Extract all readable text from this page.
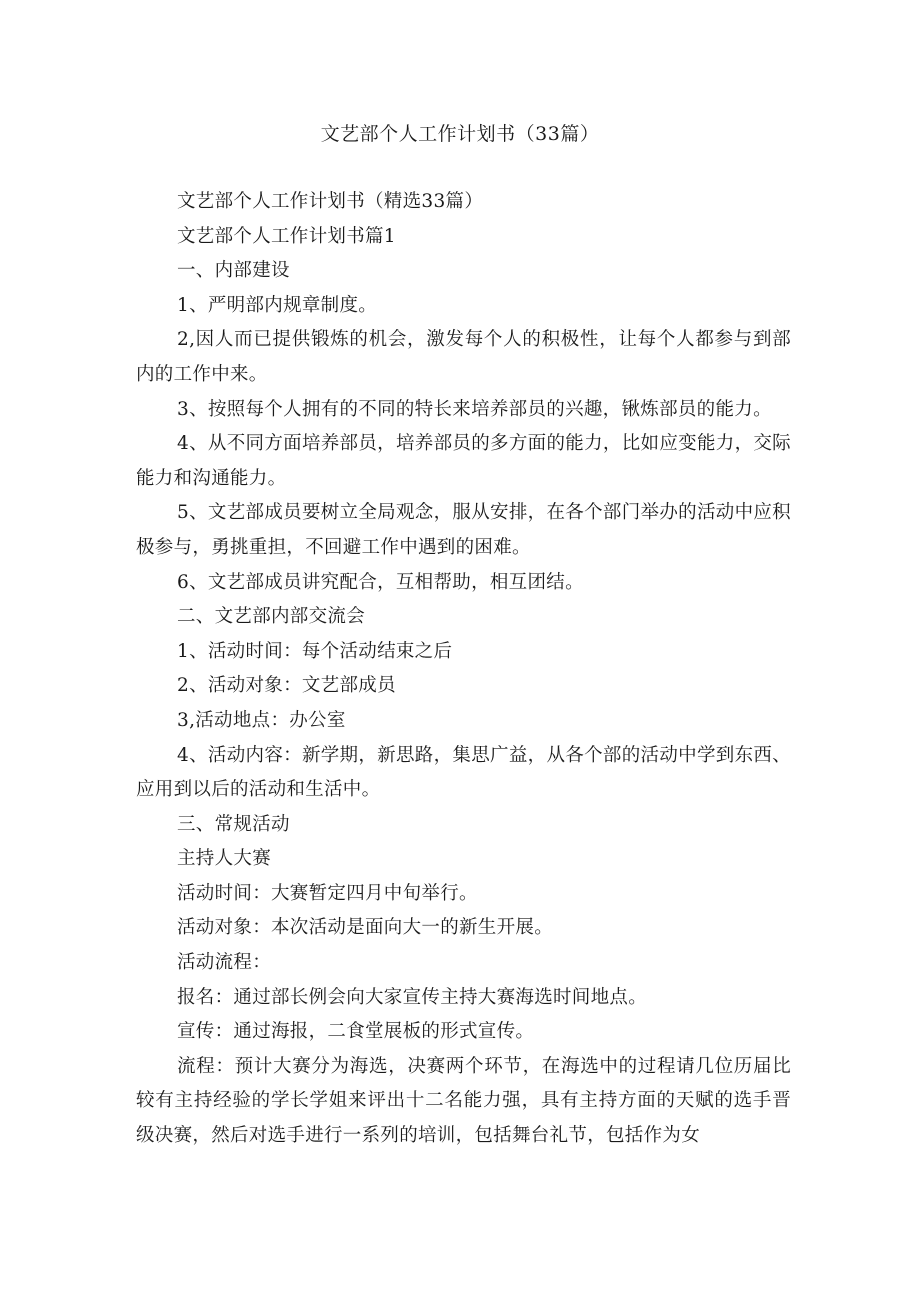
文艺部个人工作计划书（33篇）

文艺部个人工作计划书（精选33篇）

文艺部个人工作计划书篇1

一、内部建设

1、严明部内规章制度。

2,因人而已提供锻炼的机会，激发每个人的积极性，让每个人都参与到部内的工作中来。

3、按照每个人拥有的不同的特长来培养部员的兴趣，锹炼部员的能力。

4、从不同方面培养部员，培养部员的多方面的能力，比如应变能力，交际能力和沟通能力。

5、文艺部成员要树立全局观念，服从安排，在各个部门举办的活动中应积极参与，勇挑重担，不回避工作中遇到的困难。

6、文艺部成员讲究配合，互相帮助，相互团结。

二、文艺部内部交流会

1、活动时间：每个活动结束之后

2、活动对象：文艺部成员

3,活动地点：办公室

4、活动内容：新学期，新思路，集思广益，从各个部的活动中学到东西、应用到以后的活动和生活中。

三、常规活动

主持人大赛

活动时间：大赛暂定四月中旬举行。

活动对象：本次活动是面向大一的新生开展。

活动流程：

报名：通过部长例会向大家宣传主持大赛海选时间地点。

宣传：通过海报，二食堂展板的形式宣传。

流程：预计大赛分为海选，决赛两个环节，在海选中的过程请几位历届比较有主持经验的学长学姐来评出十二名能力强，具有主持方面的天赋的选手晋级决赛，然后对选手进行一系列的培训，包括舞台礼节，包括作为女
